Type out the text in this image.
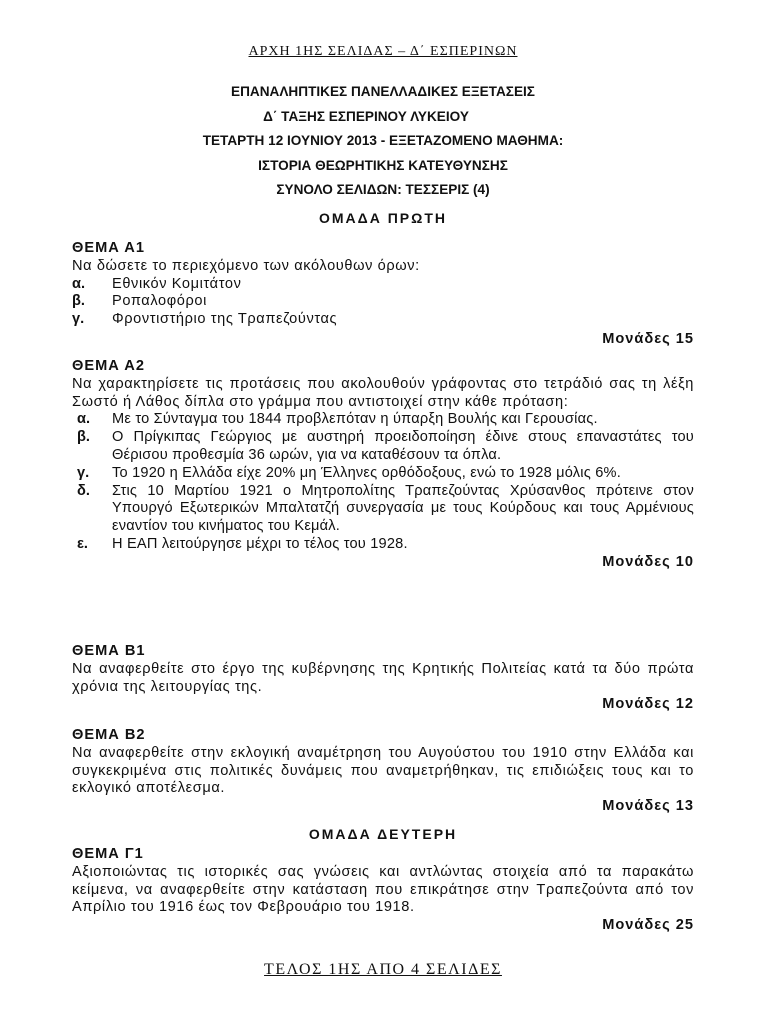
ΑΡΧΗ 1ΗΣ ΣΕΛΙΔΑΣ – Δ΄ ΕΣΠΕΡΙΝΩΝ
ΕΠΑΝΑΛΗΠΤΙΚΕΣ ΠΑΝΕΛΛΑΔΙΚΕΣ ΕΞΕΤΑΣΕΙΣ
Δ΄ ΤΑΞΗΣ ΕΣΠΕΡΙΝΟΥ ΛΥΚΕΙΟΥ
ΤΕΤΑΡΤΗ 12 ΙΟΥΝΙΟΥ 2013 - ΕΞΕΤΑΖΟΜΕΝΟ ΜΑΘΗΜΑ:
ΙΣΤΟΡΙΑ ΘΕΩΡΗΤΙΚΗΣ ΚΑΤΕΥΘΥΝΣΗΣ
ΣΥΝΟΛΟ ΣΕΛΙΔΩΝ: ΤΕΣΣΕΡΙΣ (4)
ΟΜΑΔΑ ΠΡΩΤΗ
ΘΕΜΑ Α1
Να δώσετε το περιεχόμενο των ακόλουθων όρων:
α.	Εθνικόν Κομιτάτον
β.	Ροπαλοφόροι
γ.	Φροντιστήριο της Τραπεζούντας
Μονάδες 15
ΘΕΜΑ Α2
Να χαρακτηρίσετε τις προτάσεις που ακολουθούν γράφοντας στο τετράδιό σας τη λέξη Σωστό ή Λάθος δίπλα στο γράμμα που αντιστοιχεί στην κάθε πρόταση:
α.	Με το Σύνταγμα του 1844 προβλεπόταν η ύπαρξη Βουλής και Γερουσίας.
β.	Ο Πρίγκιπας Γεώργιος με αυστηρή προειδοποίηση έδινε στους επαναστάτες του Θέρισου προθεσμία 36 ωρών, για να καταθέσουν τα όπλα.
γ.	Το 1920 η Ελλάδα είχε 20% μη Έλληνες ορθόδοξους, ενώ το 1928 μόλις 6%.
δ.	Στις 10 Μαρτίου 1921 ο Μητροπολίτης Τραπεζούντας Χρύσανθος πρότεινε στον Υπουργό Εξωτερικών Μπαλτατζή συνεργασία με τους Κούρδους και τους Αρμένιους εναντίον του κινήματος του Κεμάλ.
ε.	Η ΕΑΠ λειτούργησε μέχρι το τέλος του 1928.
Μονάδες 10
ΘΕΜΑ Β1
Να αναφερθείτε στο έργο της κυβέρνησης της Κρητικής Πολιτείας κατά τα δύο πρώτα χρόνια της λειτουργίας της.
Μονάδες 12
ΘΕΜΑ Β2
Να αναφερθείτε στην εκλογική αναμέτρηση του Αυγούστου του 1910 στην Ελλάδα και συγκεκριμένα στις πολιτικές δυνάμεις που αναμετρήθηκαν, τις επιδιώξεις τους και το εκλογικό αποτέλεσμα.
Μονάδες 13
ΟΜΑΔΑ ΔΕΥΤΕΡΗ
ΘΕΜΑ Γ1
Αξιοποιώντας τις ιστορικές σας γνώσεις και αντλώντας στοιχεία από τα παρακάτω κείμενα, να αναφερθείτε στην κατάσταση που επικράτησε στην Τραπεζούντα από τον Απρίλιο του 1916 έως τον Φεβρουάριο του 1918.
Μονάδες 25
ΤΕΛΟΣ 1ΗΣ ΑΠΟ 4 ΣΕΛΙΔΕΣ
